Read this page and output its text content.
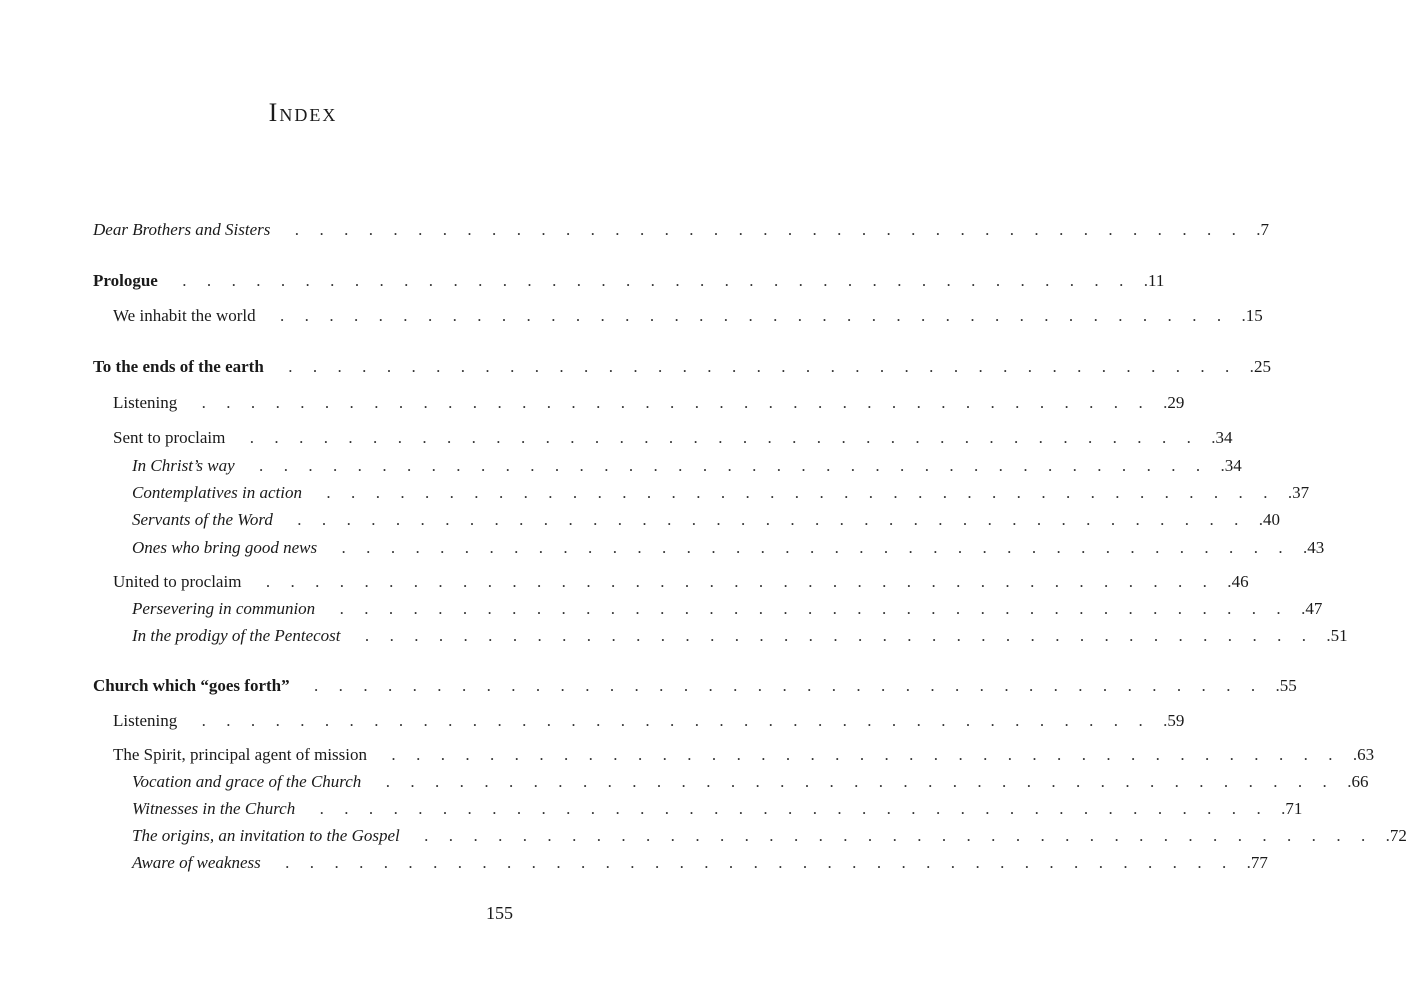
Index
Dear Brothers and Sisters .  .  .  .  .  .  .  .  .  .  .  .  .  .  .  .  .  .  .  .  .  .  .  .  .  .  .  .  .  .  .  .  .  .  .  .  .  .  .  .   7
Prologue .  .  .  .  .  .  .  .  .  .  .  .  .  .  .  .  .  .  .  .  .  .  .  .  .  .  .  .  .  .  .  .  .  .  .  .  .  .  .  .   11
We inhabit the world .  .  .  .  .  .  .  .  .  .  .  .  .  .  .  .  .  .  .  .  .  .  .  .  .  .  .  .  .  .  .  .  .  .  .  .  .  .  .  .   15
To the ends of the earth .  .  .  .  .  .  .  .  .  .  .  .  .  .  .  .  .  .  .  .  .  .  .  .  .  .  .  .  .  .  .  .  .  .  .  .  .  .  .  .   25
Listening .  .  .  .  .  .  .  .  .  .  .  .  .  .  .  .  .  .  .  .  .  .  .  .  .  .  .  .  .  .  .  .  .  .  .  .  .  .  .  .   29
Sent to proclaim .  .  .  .  .  .  .  .  .  .  .  .  .  .  .  .  .  .  .  .  .  .  .  .  .  .  .  .  .  .  .  .  .  .  .  .  .  .  .  .   34
In Christ’s way .  .  .  .  .  .  .  .  .  .  .  .  .  .  .  .  .  .  .  .  .  .  .  .  .  .  .  .  .  .  .  .  .  .  .  .  .  .  .  .   34
Contemplatives in action .  .  .  .  .  .  .  .  .  .  .  .  .  .  .  .  .  .  .  .  .  .  .  .  .  .  .  .  .  .  .  .  .  .  .  .  .  .  .  .   37
Servants of the Word .  .  .  .  .  .  .  .  .  .  .  .  .  .  .  .  .  .  .  .  .  .  .  .  .  .  .  .  .  .  .  .  .  .  .  .  .  .  .  .   40
Ones who bring good news .  .  .  .  .  .  .  .  .  .  .  .  .  .  .  .  .  .  .  .  .  .  .  .  .  .  .  .  .  .  .  .  .  .  .  .  .  .  .  .   43
United to proclaim .  .  .  .  .  .  .  .  .  .  .  .  .  .  .  .  .  .  .  .  .  .  .  .  .  .  .  .  .  .  .  .  .  .  .  .  .  .  .  .   46
Persevering in communion .  .  .  .  .  .  .  .  .  .  .  .  .  .  .  .  .  .  .  .  .  .  .  .  .  .  .  .  .  .  .  .  .  .  .  .  .  .  .  .   47
In the prodigy of the Pentecost .  .  .  .  .  .  .  .  .  .  .  .  .  .  .  .  .  .  .  .  .  .  .  .  .  .  .  .  .  .  .  .  .  .  .  .  .  .  .  .   51
Church which “goes forth” .  .  .  .  .  .  .  .  .  .  .  .  .  .  .  .  .  .  .  .  .  .  .  .  .  .  .  .  .  .  .  .  .  .  .  .  .  .  .  .   55
Listening .  .  .  .  .  .  .  .  .  .  .  .  .  .  .  .  .  .  .  .  .  .  .  .  .  .  .  .  .  .  .  .  .  .  .  .  .  .  .  .   59
The Spirit, principal agent of mission .  .  .  .  .  .  .  .  .  .  .  .  .  .  .  .  .  .  .  .  .  .  .  .  .  .  .  .  .  .  .  .  .  .  .  .  .  .  .  .   63
Vocation and grace of the Church .  .  .  .  .  .  .  .  .  .  .  .  .  .  .  .  .  .  .  .  .  .  .  .  .  .  .  .  .  .  .  .  .  .  .  .  .  .  .  .   66
Witnesses in the Church .  .  .  .  .  .  .  .  .  .  .  .  .  .  .  .  .  .  .  .  .  .  .  .  .  .  .  .  .  .  .  .  .  .  .  .  .  .  .  .   71
The origins, an invitation to the Gospel .  .  .  .  .  .  .  .  .  .  .  .  .  .  .  .  .  .  .  .  .  .  .  .  .  .  .  .  .  .  .  .  .  .  .  .  .  .  .  .   72
Aware of weakness .  .  .  .  .  .  .  .  .  .  .  .  .  .  .  .  .  .  .  .  .  .  .  .  .  .  .  .  .  .  .  .  .  .  .  .  .  .  .  .   77
155
